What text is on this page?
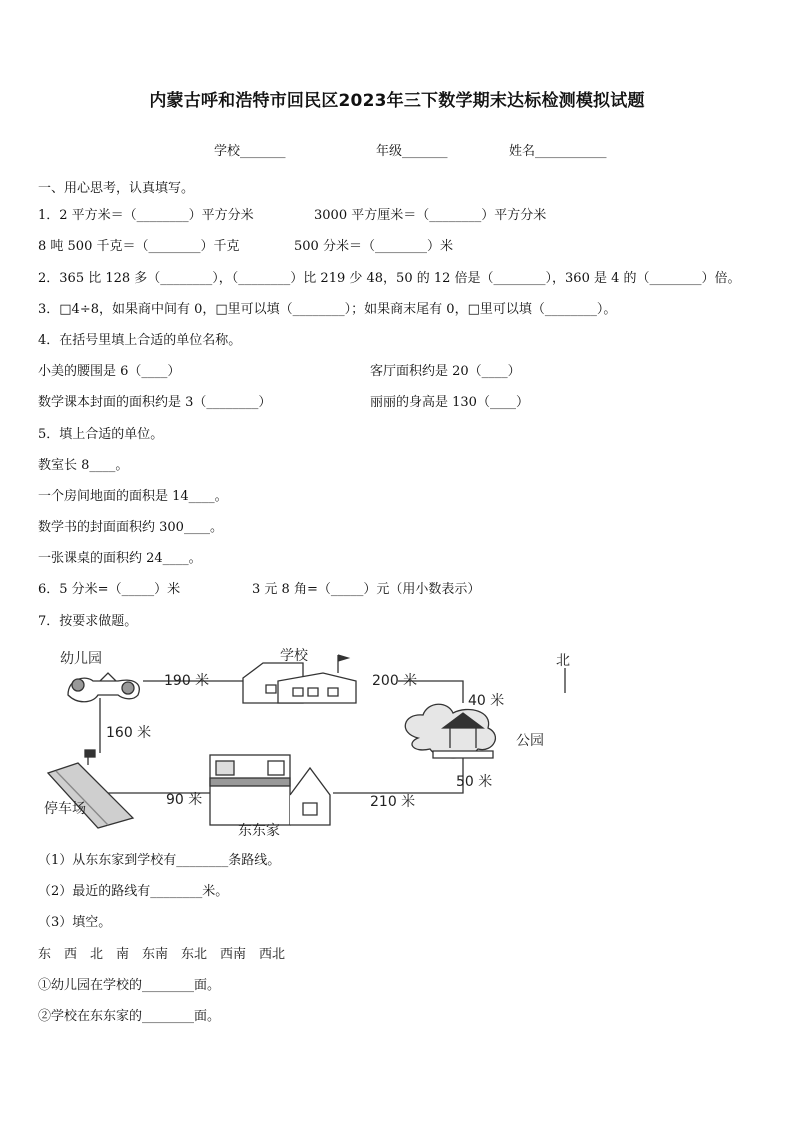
内蒙古呼和浩特市回民区2023年三下数学期末达标检测模拟试题
学校_______	年级_______	姓名___________
一、用心思考，认真填写。
1．2 平方米＝（________）平方分米	3000 平方厘米＝（________）平方分米
8 吨 500 千克＝（________）千克	500 分米＝（________）米
2．365 比 128 多（________），（________）比 219 少 48，50 的 12 倍是（________），360 是 4 的（________）倍。
3．□4÷8，如果商中间有 0，□里可以填（________）；如果商末尾有 0，□里可以填（________）。
4．在括号里填上合适的单位名称。
小美的腰围是 6（____）	客厅面积约是 20（____）
数学课本封面的面积约是 3（________）	丽丽的身高是 130（____）
5．填上合适的单位。
教室长 8____。
一个房间地面的面积是 14____。
数学书的封面面积约 300____。
一张课桌的面积约 24____。
6．5 分米=（_____）米	3 元 8 角=（_____）元（用小数表示）
7．按要求做题。
幼儿园	学校	北
公园
停车场
东东家
190 米	200 米
40 米
160 米
50 米
90 米	210 米
（1）从东东家到学校有________条路线。
（2）最近的路线有________米。
（3）填空。
东　西　北　南　东南　东北　西南　西北
①幼儿园在学校的________面。
②学校在东东家的________面。
